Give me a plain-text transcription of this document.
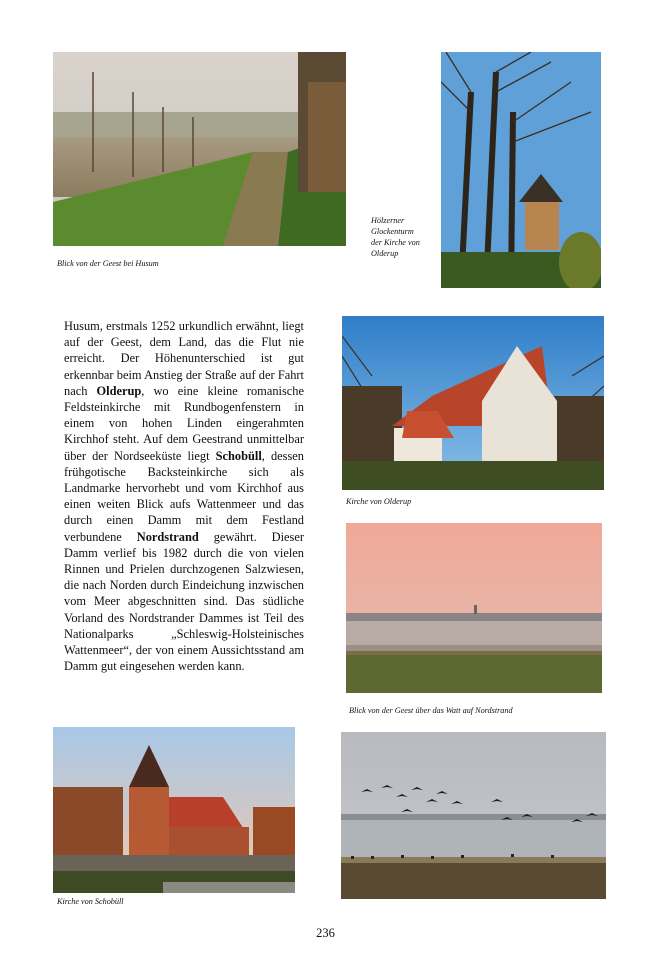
Blick von der Geest bei Husum
Hölzerner
Glockenturm
der Kirche von
Olderup
Husum, erstmals 1252 urkundlich erwähnt, liegt auf der Geest, dem Land, das die Flut nie erreicht. Der Höhenunterschied ist gut erkennbar beim Anstieg der Straße auf der Fahrt nach Olderup, wo eine kleine romanische Feldsteinkirche mit Rundbogenfenstern in einem von hohen Linden eingerahmten Kirchhof steht. Auf dem Geestrand unmittelbar über der Nordseeküste liegt Schobüll, dessen frühgotische Backsteinkirche sich als Landmarke hervorhebt und vom Kirchhof aus einen weiten Blick aufs Wattenmeer und das durch einen Damm mit dem Festland verbundene Nordstrand gewährt. Dieser Damm verlief bis 1982 durch die von vielen Rinnen und Prielen durchzogenen Salzwiesen, die nach Norden durch Eindeichung inzwischen vom Meer abgeschnitten sind. Das südliche Vorland des Nordstrander Dammes ist Teil des Nationalparks „Schleswig-Holsteinisches Wattenmeer“, der von einem Aussichtsstand am Damm gut eingesehen werden kann.
Kirche von Olderup
Blick von der Geest über das Watt auf Nordstrand
Kirche von Schobüll
236
